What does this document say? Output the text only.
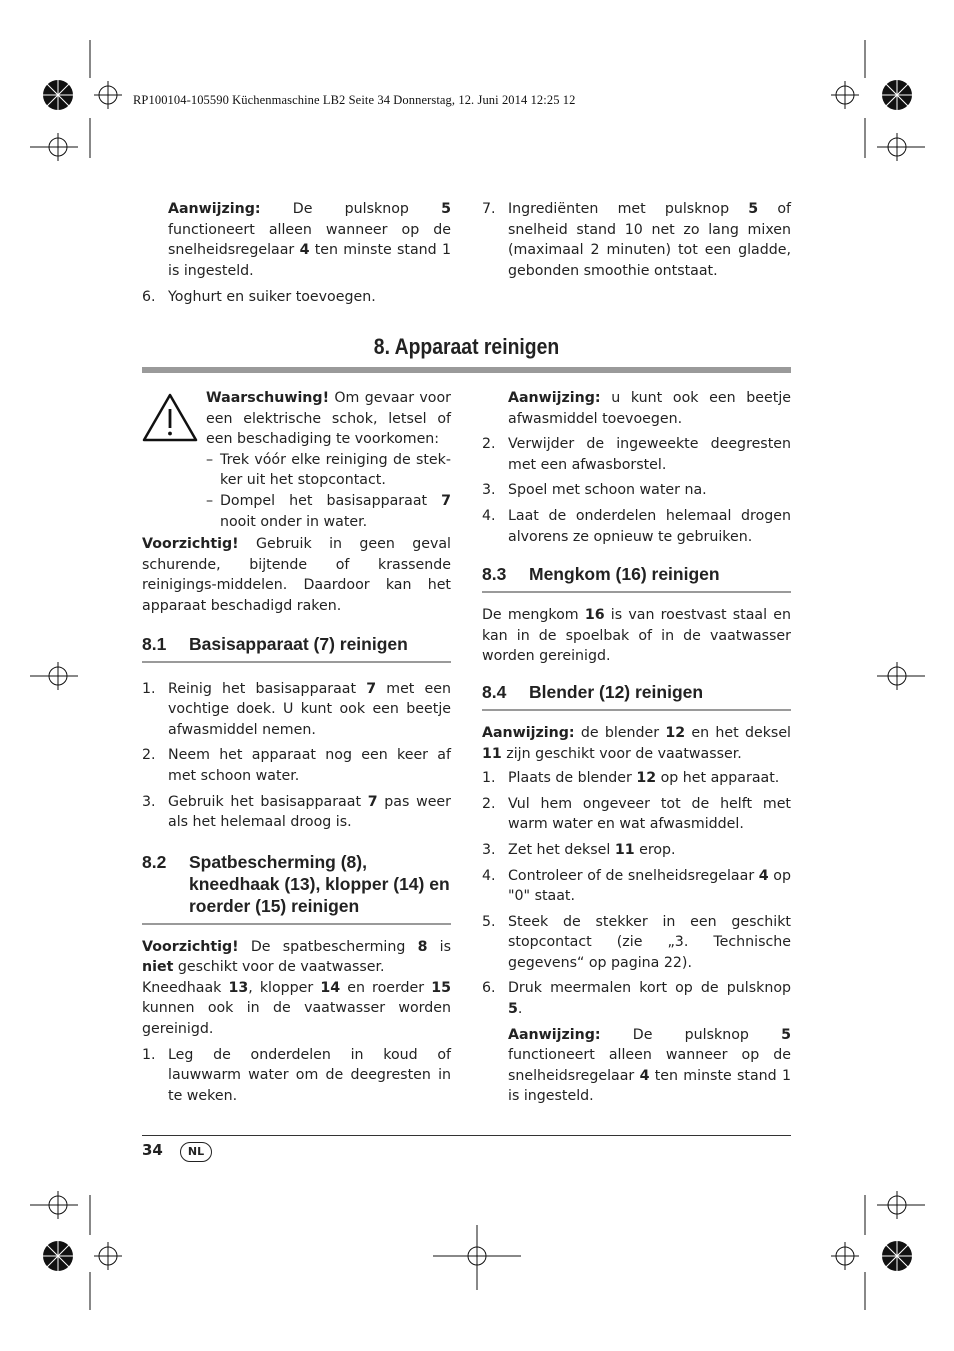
RP100104-105590 Küchenmaschine LB2 Seite 34 Donnerstag, 12. Juni 2014 12:25 12

Aanwijzing: De pulsknop 5 functioneert alleen wanneer op de snelheidsregelaar 4 ten minste stand 1 is ingesteld.

6. Yoghurt en suiker toevoegen.

7. Ingrediënten met pulsknop 5 of snelheid stand 10 net zo lang mixen (maximaal 2 minuten) tot een gladde, gebonden smoothie ontstaat.

8. Apparaat reinigen

Waarschuwing! Om gevaar voor een elektrische schok, letsel of een beschadiging te voorkomen:

– Trek vóór elke reiniging de stek-ker uit het stopcontact.

– Dompel het basisapparaat 7 nooit onder in water.

Voorzichtig! Gebruik in geen geval schurende, bijtende of krassende reinigings-middelen. Daardoor kan het apparaat beschadigd raken.

8.1	Basisapparaat (7) reinigen

1. Reinig het basisapparaat 7 met een vochtige doek. U kunt ook een beetje afwasmiddel nemen.

2. Neem het apparaat nog een keer af met schoon water.

3. Gebruik het basisapparaat 7 pas weer als het helemaal droog is.

8.2	Spatbescherming (8), kneedhaak (13), klopper (14) en roerder (15) reinigen

Voorzichtig! De spatbescherming 8 is niet geschikt voor de vaatwasser.

Kneedhaak 13, klopper 14 en roerder 15 kunnen ook in de vaatwasser worden gereinigd.

1. Leg de onderdelen in koud of lauwwarm water om de deegresten in te weken.

Aanwijzing: u kunt ook een beetje afwasmiddel toevoegen.

2. Verwijder de ingeweekte deegresten met een afwasborstel.

3. Spoel met schoon water na.

4. Laat de onderdelen helemaal drogen alvorens ze opnieuw te gebruiken.

8.3	Mengkom (16) reinigen

De mengkom 16 is van roestvast staal en kan in de spoelbak of in de vaatwasser worden gereinigd.

8.4	Blender (12) reinigen

Aanwijzing: de blender 12 en het deksel 11 zijn geschikt voor de vaatwasser.

1. Plaats de blender 12 op het apparaat.

2. Vul hem ongeveer tot de helft met warm water en wat afwasmiddel.

3. Zet het deksel 11 erop.

4. Controleer of de snelheidsregelaar 4 op "0" staat.

5. Steek de stekker in een geschikt stopcontact (zie „3. Technische gegevens“ op pagina 22).

6. Druk meermalen kort op de pulsknop 5.

Aanwijzing: De pulsknop 5 functioneert alleen wanneer op de snelheidsregelaar 4 ten minste stand 1 is ingesteld.

34	NL
